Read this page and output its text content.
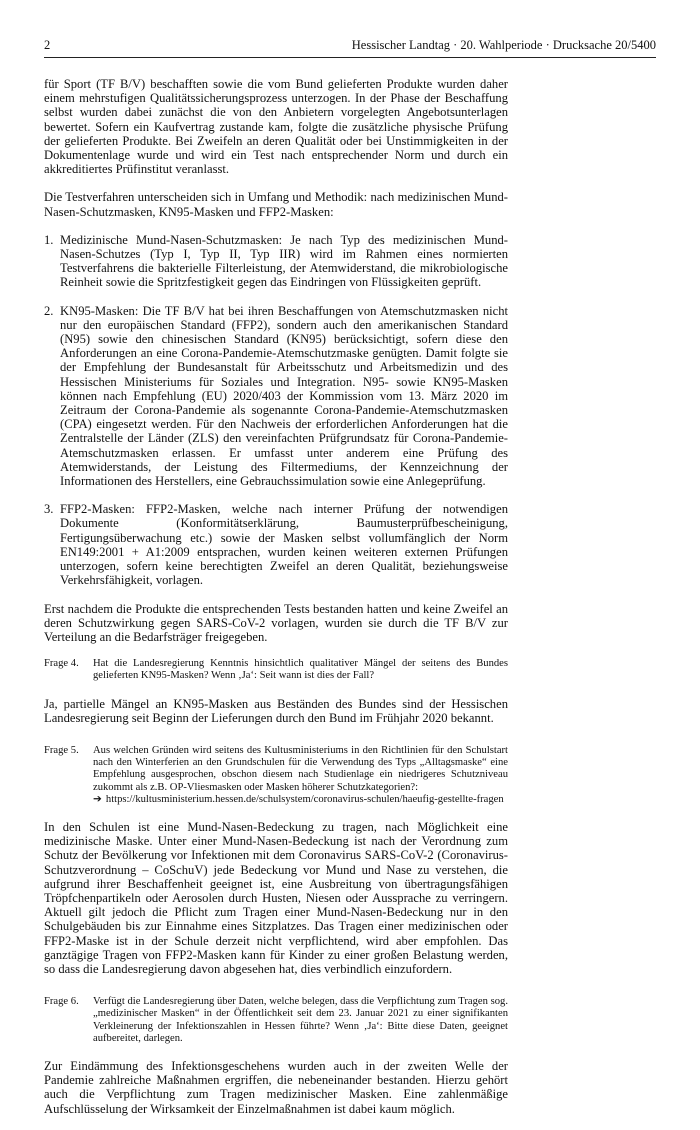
2	Hessischer Landtag · 20. Wahlperiode · Drucksache 20/5400

für Sport (TF B/V) beschafften sowie die vom Bund gelieferten Produkte wurden daher einem mehrstufigen Qualitätssicherungsprozess unterzogen. In der Phase der Beschaffung selbst wurden dabei zunächst die von den Anbietern vorgelegten Angebotsunterlagen bewertet. Sofern ein Kaufvertrag zustande kam, folgte die zusätzliche physische Prüfung der gelieferten Produkte. Bei Zweifeln an deren Qualität oder bei Unstimmigkeiten in der Dokumentenlage wurde und wird ein Test nach entsprechender Norm und durch ein akkreditiertes Prüfinstitut veranlasst.

Die Testverfahren unterscheiden sich in Umfang und Methodik: nach medizinischen Mund-Nasen-Schutzmasken, KN95-Masken und FFP2-Masken:

1. Medizinische Mund-Nasen-Schutzmasken: Je nach Typ des medizinischen Mund-Nasen-Schutzes (Typ I, Typ II, Typ IIR) wird im Rahmen eines normierten Testverfahrens die bakterielle Filterleistung, der Atemwiderstand, die mikrobiologische Reinheit sowie die Spritzfestigkeit gegen das Eindringen von Flüssigkeiten geprüft.
2. KN95-Masken: Die TF B/V hat bei ihren Beschaffungen von Atemschutzmasken nicht nur den europäischen Standard (FFP2), sondern auch den amerikanischen Standard (N95) sowie den chinesischen Standard (KN95) berücksichtigt, sofern diese den Anforderungen an eine Corona-Pandemie-Atemschutzmaske genügten. Damit folgte sie der Empfehlung der Bundesanstalt für Arbeitsschutz und Arbeitsmedizin und des Hessischen Ministeriums für Soziales und Integration. N95- sowie KN95-Masken können nach Empfehlung (EU) 2020/403 der Kommission vom 13. März 2020 im Zeitraum der Corona-Pandemie als sogenannte Corona-Pandemie-Atemschutzmasken (CPA) eingesetzt werden. Für den Nachweis der erforderlichen Anforderungen hat die Zentralstelle der Länder (ZLS) den vereinfachten Prüfgrundsatz für Corona-Pandemie-Atemschutzmasken erlassen. Er umfasst unter anderem eine Prüfung des Atemwiderstands, der Leistung des Filtermediums, der Kennzeichnung der Informationen des Herstellers, eine Gebrauchssimulation sowie eine Anlegeprüfung.
3. FFP2-Masken: FFP2-Masken, welche nach interner Prüfung der notwendigen Dokumente (Konformitätserklärung, Baumusterprüfbescheinigung, Fertigungsüberwachung etc.) sowie der Masken selbst vollumfänglich der Norm EN149:2001 + A1:2009 entsprachen, wurden keinen weiteren externen Prüfungen unterzogen, sofern keine berechtigten Zweifel an deren Qualität, beziehungsweise Verkehrsfähigkeit, vorlagen.

Erst nachdem die Produkte die entsprechenden Tests bestanden hatten und keine Zweifel an deren Schutzwirkung gegen SARS-CoV-2 vorlagen, wurden sie durch die TF B/V zur Verteilung an die Bedarfsträger freigegeben.

Frage 4. Hat die Landesregierung Kenntnis hinsichtlich qualitativer Mängel der seitens des Bundes gelieferten KN95-Masken? Wenn ‚Ja‘: Seit wann ist dies der Fall?

Ja, partielle Mängel an KN95-Masken aus Beständen des Bundes sind der Hessischen Landesregierung seit Beginn der Lieferungen durch den Bund im Frühjahr 2020 bekannt.

Frage 5. Aus welchen Gründen wird seitens des Kultusministeriums in den Richtlinien für den Schulstart nach den Winterferien an den Grundschulen für die Verwendung des Typs „Alltagsmaske“ eine Empfehlung ausgesprochen, obschon diesem nach Studienlage ein niedrigeres Schutzniveau zukommt als z.B. OP-Vliesmasken oder Masken höherer Schutzkategorien?:
➔ https://kultusministerium.hessen.de/schulsystem/coronavirus-schulen/haeufig-gestellte-fragen

In den Schulen ist eine Mund-Nasen-Bedeckung zu tragen, nach Möglichkeit eine medizinische Maske. Unter einer Mund-Nasen-Bedeckung ist nach der Verordnung zum Schutz der Bevölkerung vor Infektionen mit dem Coronavirus SARS-CoV-2 (Coronavirus-Schutzverordnung – CoSchuV) jede Bedeckung vor Mund und Nase zu verstehen, die aufgrund ihrer Beschaffenheit geeignet ist, eine Ausbreitung von übertragungsfähigen Tröpfchenpartikeln oder Aerosolen durch Husten, Niesen oder Aussprache zu verringern. Aktuell gilt jedoch die Pflicht zum Tragen einer Mund-Nasen-Bedeckung nur in den Schulgebäuden bis zur Einnahme eines Sitzplatzes. Das Tragen einer medizinischen oder FFP2-Maske ist in der Schule derzeit nicht verpflichtend, wird aber empfohlen. Das ganztägige Tragen von FFP2-Masken kann für Kinder zu einer großen Belastung werden, so dass die Landesregierung davon abgesehen hat, dies verbindlich einzufordern.

Frage 6. Verfügt die Landesregierung über Daten, welche belegen, dass die Verpflichtung zum Tragen sog. „medizinischer Masken“ in der Öffentlichkeit seit dem 23. Januar 2021 zu einer signifikanten Verkleinerung der Infektionszahlen in Hessen führte? Wenn ‚Ja‘: Bitte diese Daten, geeignet aufbereitet, darlegen.

Zur Eindämmung des Infektionsgeschehens wurden auch in der zweiten Welle der Pandemie zahlreiche Maßnahmen ergriffen, die nebeneinander bestanden. Hierzu gehört auch die Verpflichtung zum Tragen medizinischer Masken. Eine zahlenmäßige Aufschlüsselung der Wirksamkeit der Einzelmaßnahmen ist dabei kaum möglich.
